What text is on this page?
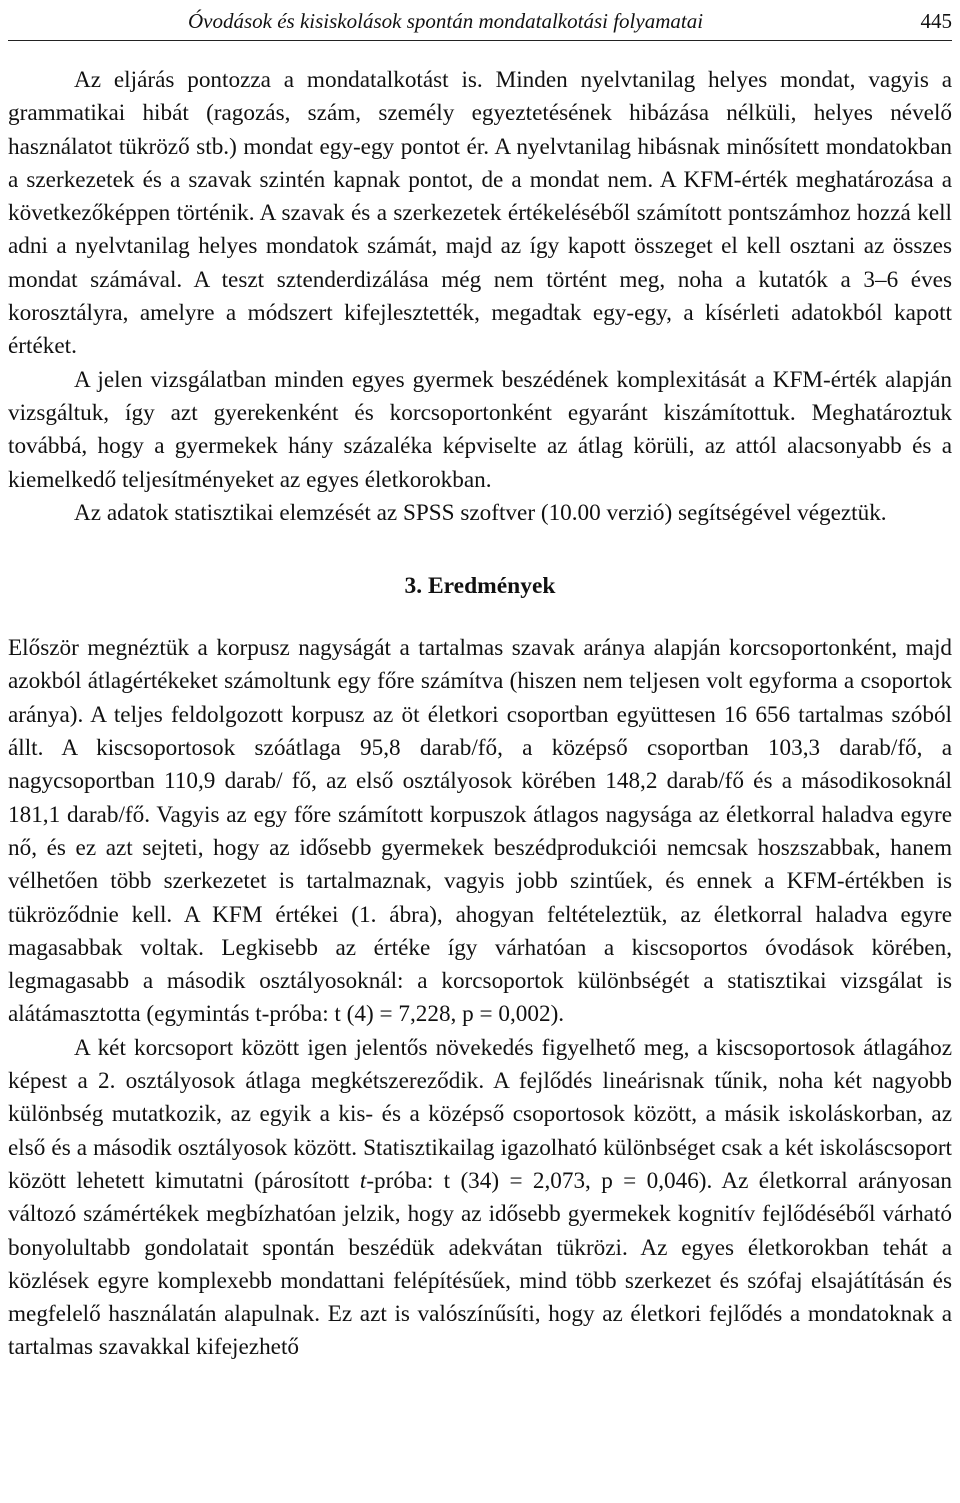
Óvodások és kisiskolások spontán mondatalkotási folyamatai	445

Az eljárás pontozza a mondatalkotást is. Minden nyelvtanilag helyes mondat, vagyis a grammatikai hibát (ragozás, szám, személy egyeztetésének hibázása nélküli, helyes névelő használatot tükröző stb.) mondat egy-egy pontot ér. A nyelvtanilag hibásnak minősített mondatokban a szerkezetek és a szavak szintén kapnak pontot, de a mondat nem. A KFM-érték meghatározása a következőképpen történik. A szavak és a szerkezetek értékeléséből számított pontszámhoz hozzá kell adni a nyelvtanilag helyes mondatok számát, majd az így kapott összeget el kell osztani az összes mondat számával. A teszt sztenderdizálása még nem történt meg, noha a kutatók a 3–6 éves korosztályra, amelyre a módszert kifejlesztették, megadtak egy-egy, a kísérleti adatokból kapott értéket.

A jelen vizsgálatban minden egyes gyermek beszédének komplexitását a KFM-érték alapján vizsgáltuk, így azt gyerekenként és korcsoportonként egyaránt kiszámítottuk. Meghatároztuk továbbá, hogy a gyermekek hány százaléka képviselte az átlag körüli, az attól alacsonyabb és a kiemelkedő teljesítményeket az egyes életkorokban.

Az adatok statisztikai elemzését az SPSS szoftver (10.00 verzió) segítségével végeztük.

3. Eredmények

Először megnéztük a korpusz nagyságát a tartalmas szavak aránya alapján korcsoportonként, majd azokból átlagértékeket számoltunk egy főre számítva (hiszen nem teljesen volt egyforma a csoportok aránya). A teljes feldolgozott korpusz az öt életkori csoportban együttesen 16 656 tartalmas szóból állt. A kiscsoportosok szóátlaga 95,8 darab/fő, a középső csoportban 103,3 darab/fő, a nagycsoportban 110,9 darab/ fő, az első osztályosok körében 148,2 darab/fő és a másodikosoknál 181,1 darab/fő. Vagyis az egy főre számított korpuszok átlagos nagysága az életkorral haladva egyre nő, és ez azt sejteti, hogy az idősebb gyermekek beszédprodukciói nemcsak hoszszabbak, hanem vélhetően több szerkezetet is tartalmaznak, vagyis jobb szintűek, és ennek a KFM-értékben is tükröződnie kell. A KFM értékei (1. ábra), ahogyan feltételeztük, az életkorral haladva egyre magasabbak voltak. Legkisebb az értéke így várhatóan a kiscsoportos óvodások körében, legmagasabb a második osztályosoknál: a korcsoportok különbségét a statisztikai vizsgálat is alátámasztotta (egymintás t-próba: t (4) = 7,228, p = 0,002).

A két korcsoport között igen jelentős növekedés figyelhető meg, a kiscsoportosok átlagához képest a 2. osztályosok átlaga megkétszereződik. A fejlődés lineárisnak tűnik, noha két nagyobb különbség mutatkozik, az egyik a kis- és a középső csoportosok között, a másik iskoláskorban, az első és a második osztályosok között. Statisztikailag igazolható különbséget csak a két iskoláscsoport között lehetett kimutatni (párosított t-próba: t (34) = 2,073, p = 0,046). Az életkorral arányosan változó számértékek megbízhatóan jelzik, hogy az idősebb gyermekek kognitív fejlődéséből várható bonyolultabb gondolatait spontán beszédük adekvátan tükrözi. Az egyes életkorokban tehát a közlések egyre komplexebb mondattani felépítésűek, mind több szerkezet és szófaj elsajátításán és megfelelő használatán alapulnak. Ez azt is valószínűsíti, hogy az életkori fejlődés a mondatoknak a tartalmas szavakkal kifejezhető
